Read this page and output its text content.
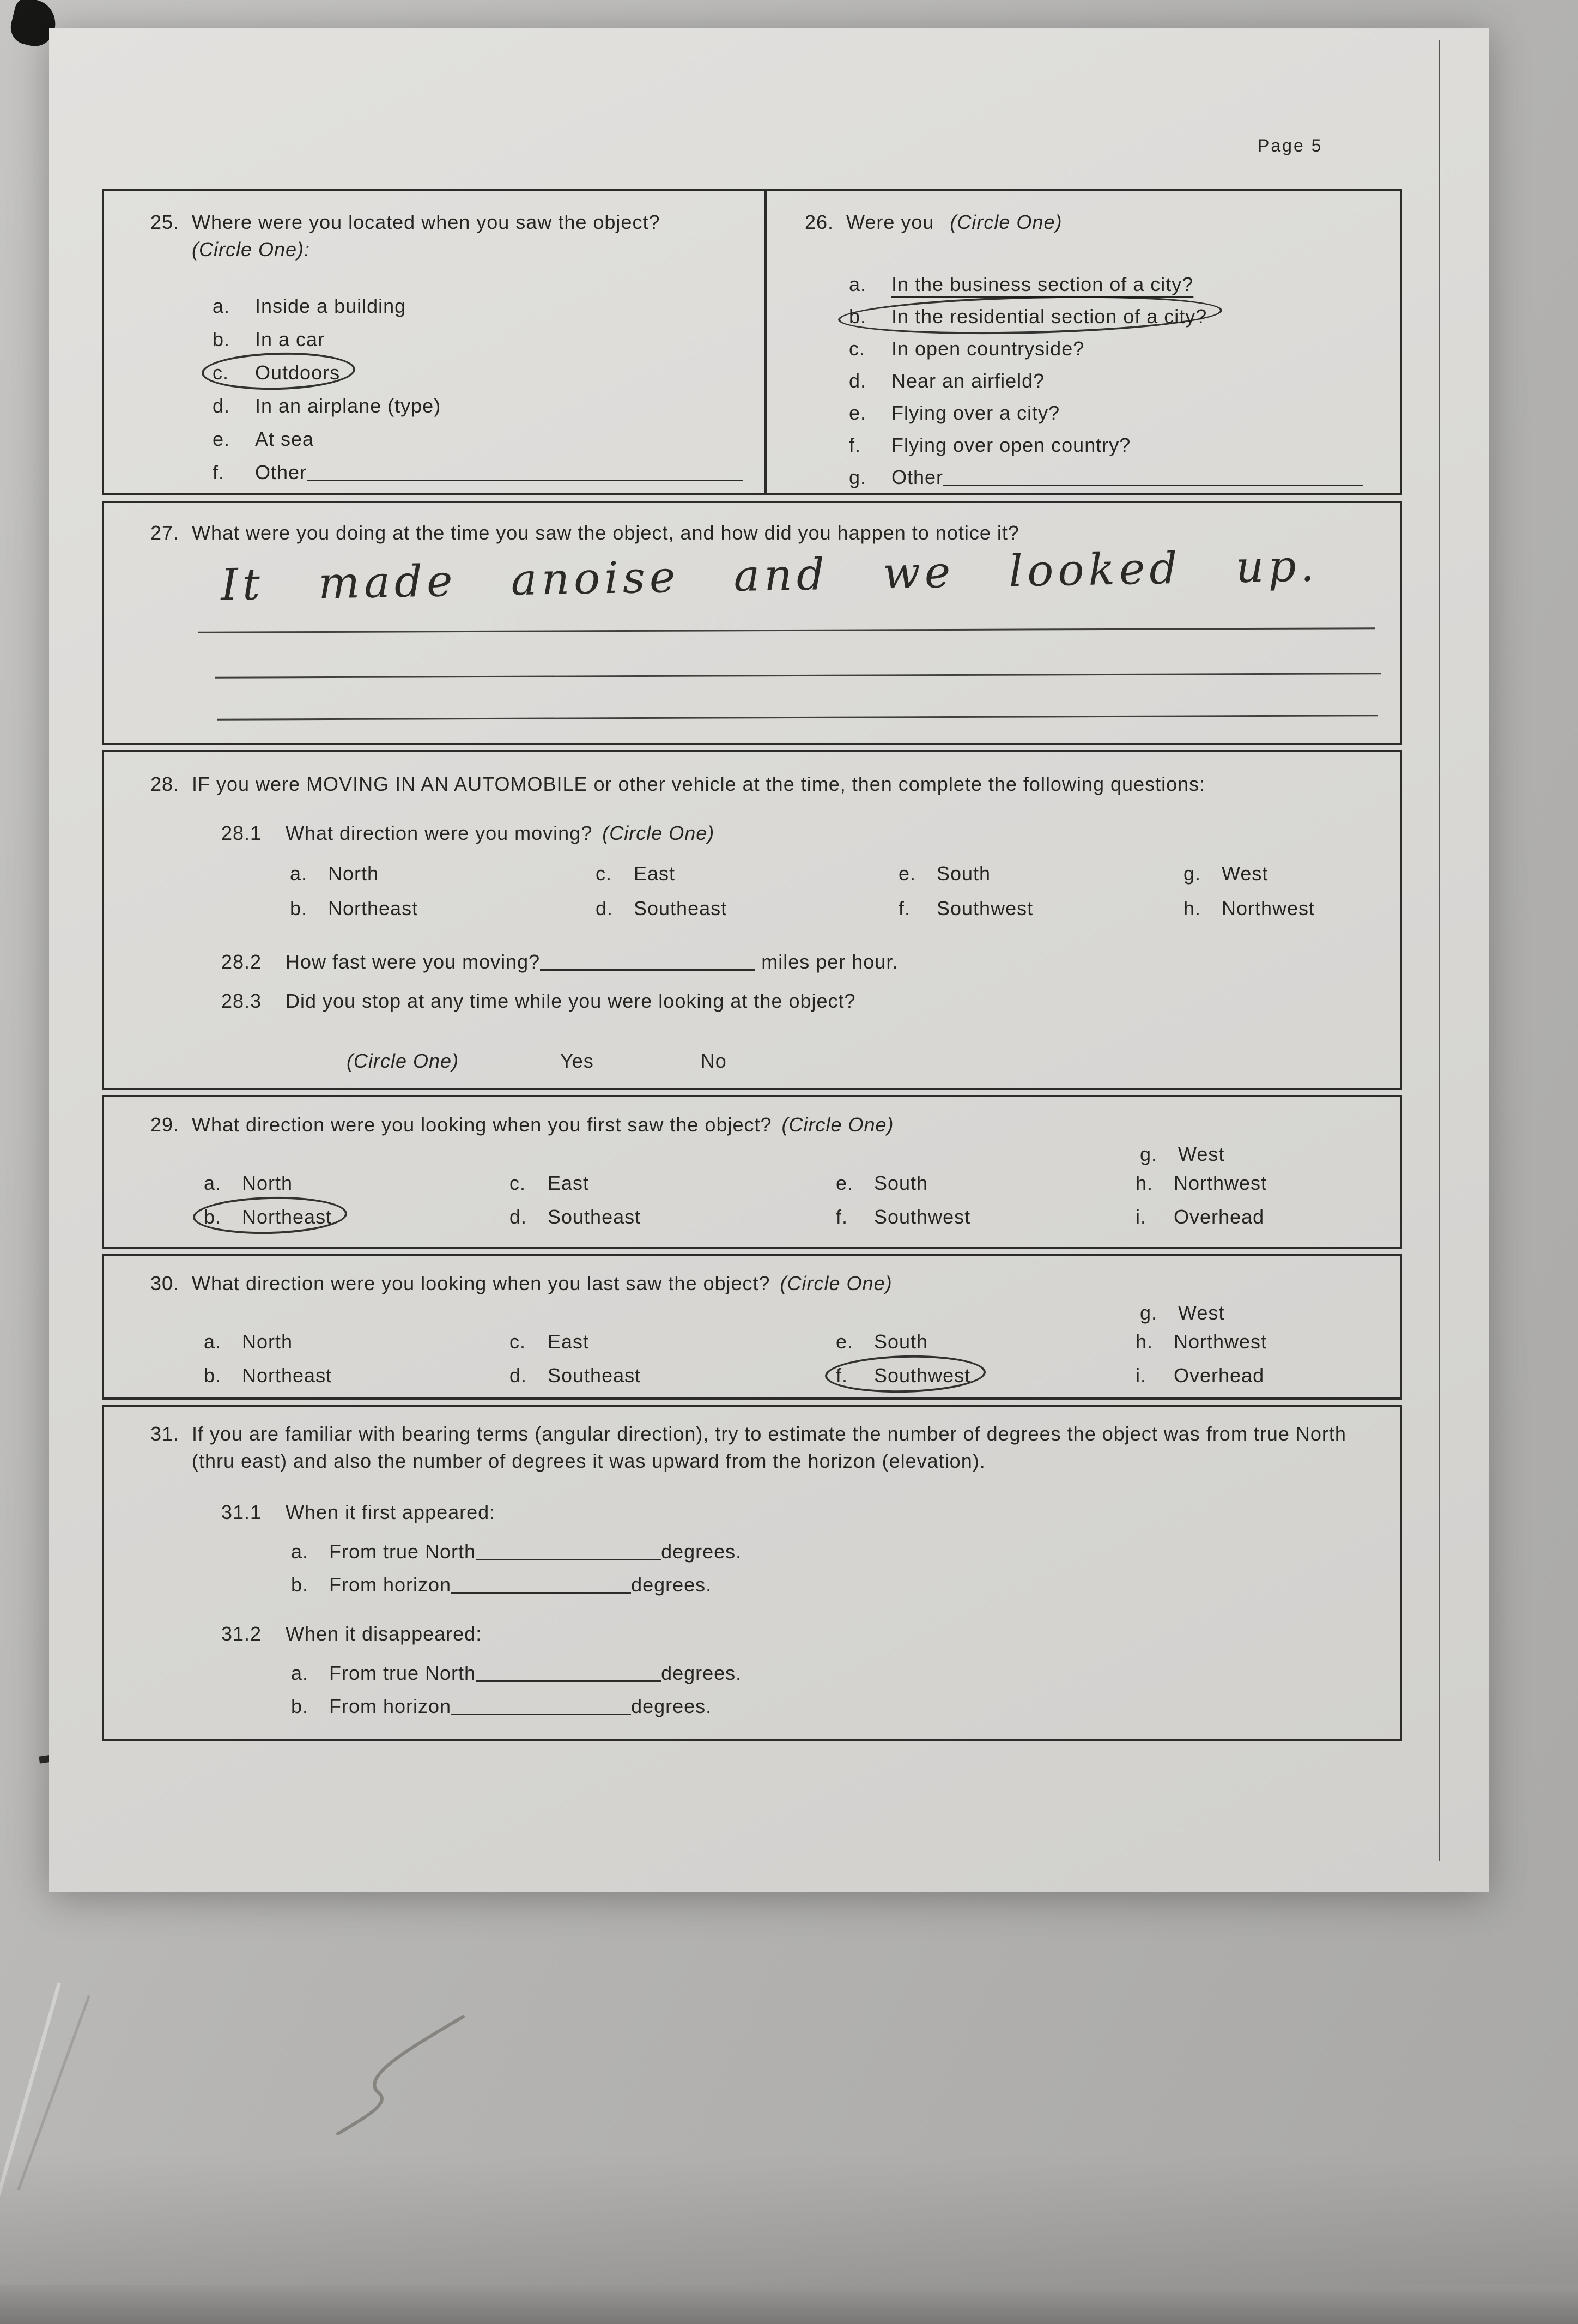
Page 5
25. Where were you located when you saw the object?
(Circle One):
a. Inside a building
b. In a car
c. Outdoors
d. In an airplane (type)
e. At sea
f. Other
26. Were you (Circle One)
a. In the business section of a city?
b. In the residential section of a city?
c. In open countryside?
d. Near an airfield?
e. Flying over a city?
f. Flying over open country?
g. Other
27. What were you doing at the time you saw the object, and how did you happen to notice it?
It made anoise and we looked up.
28. IF you were MOVING IN AN AUTOMOBILE or other vehicle at the time, then complete the following questions:
28.1 What direction were you moving? (Circle One)
a. North	c. East	e. South	g. West
b. Northeast	d. Southeast	f. Southwest	h. Northwest
28.2 How fast were you moving?	miles per hour.
28.3 Did you stop at any time while you were looking at the object?
(Circle One)	Yes	No
29. What direction were you looking when you first saw the object? (Circle One)
g. West
a. North	c. East	e. South	h. Northwest
b. Northeast	d. Southeast	f. Southwest	i. Overhead
30. What direction were you looking when you last saw the object? (Circle One)
g. West
a. North	c. East	e. South	h. Northwest
b. Northeast	d. Southeast	f. Southwest	i. Overhead
31. If you are familiar with bearing terms (angular direction), try to estimate the number of degrees the object was from true North (thru east) and also the number of degrees it was upward from the horizon (elevation).
31.1 When it first appeared:
a. From true North	degrees.
b. From horizon	degrees.
31.2 When it disappeared:
a. From true North	degrees.
b. From horizon	degrees.
